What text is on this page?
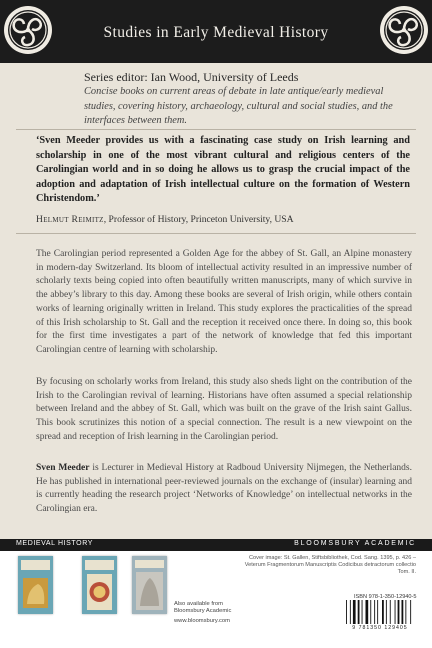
Studies in Early Medieval History
Series editor: Ian Wood, University of Leeds
Concise books on current areas of debate in late antique/early medieval studies, covering history, archaeology, cultural and social studies, and the interfaces between them.
‘Sven Meeder provides us with a fascinating case study on Irish learning and scholarship in one of the most vibrant cultural and religious centers of the Carolingian world and in so doing he allows us to grasp the crucial impact of the adoption and adaptation of Irish intellectual culture on the formation of Western Christendom.’
Helmut Reimitz, Professor of History, Princeton University, USA

The Carolingian period represented a Golden Age for the abbey of St. Gall, an Alpine monastery in modern-day Switzerland. Its bloom of intellectual activity resulted in an impressive number of scholarly texts being copied into often beautifully written manuscripts, many of which survive in the abbey’s library to this day. Among these books are several of Irish origin, while others contain works of learning originally written in Ireland. This study explores the practicalities of the spread of this Irish scholarship to St. Gall and the reception it received once there. In doing so, this book for the first time investigates a part of the network of knowledge that fed this important Carolingian centre of learning with scholarship.

By focusing on scholarly works from Ireland, this study also sheds light on the contribution of the Irish to the Carolingian revival of learning. Historians have often assumed a special relationship between Ireland and the abbey of St. Gall, which was built on the grave of the Irish saint Gallus. This book scrutinizes this notion of a special connection. The result is a new viewpoint on the spread and reception of Irish learning in the Carolingian period.

Sven Meeder is Lecturer in Medieval History at Radboud University Nijmegen, the Netherlands. He has published in international peer-reviewed journals on the exchange of (insular) learning and is currently heading the research project ‘Networks of Knowledge’ on intellectual networks in the Carolingian era.

MEDIEVAL HISTORY	BLOOMSBURY ACADEMIC
Also available from Bloomsbury Academic
www.bloomsbury.com
Cover image: St. Gallen, Stiftsbibliothek, Cod. Sang. 1395, p. 426 – Veterum Fragmentorum Manuscriptis Codicibus detractorum collectio Tom. II.
ISBN 978-1-350-12940-5
9 781350 129405
